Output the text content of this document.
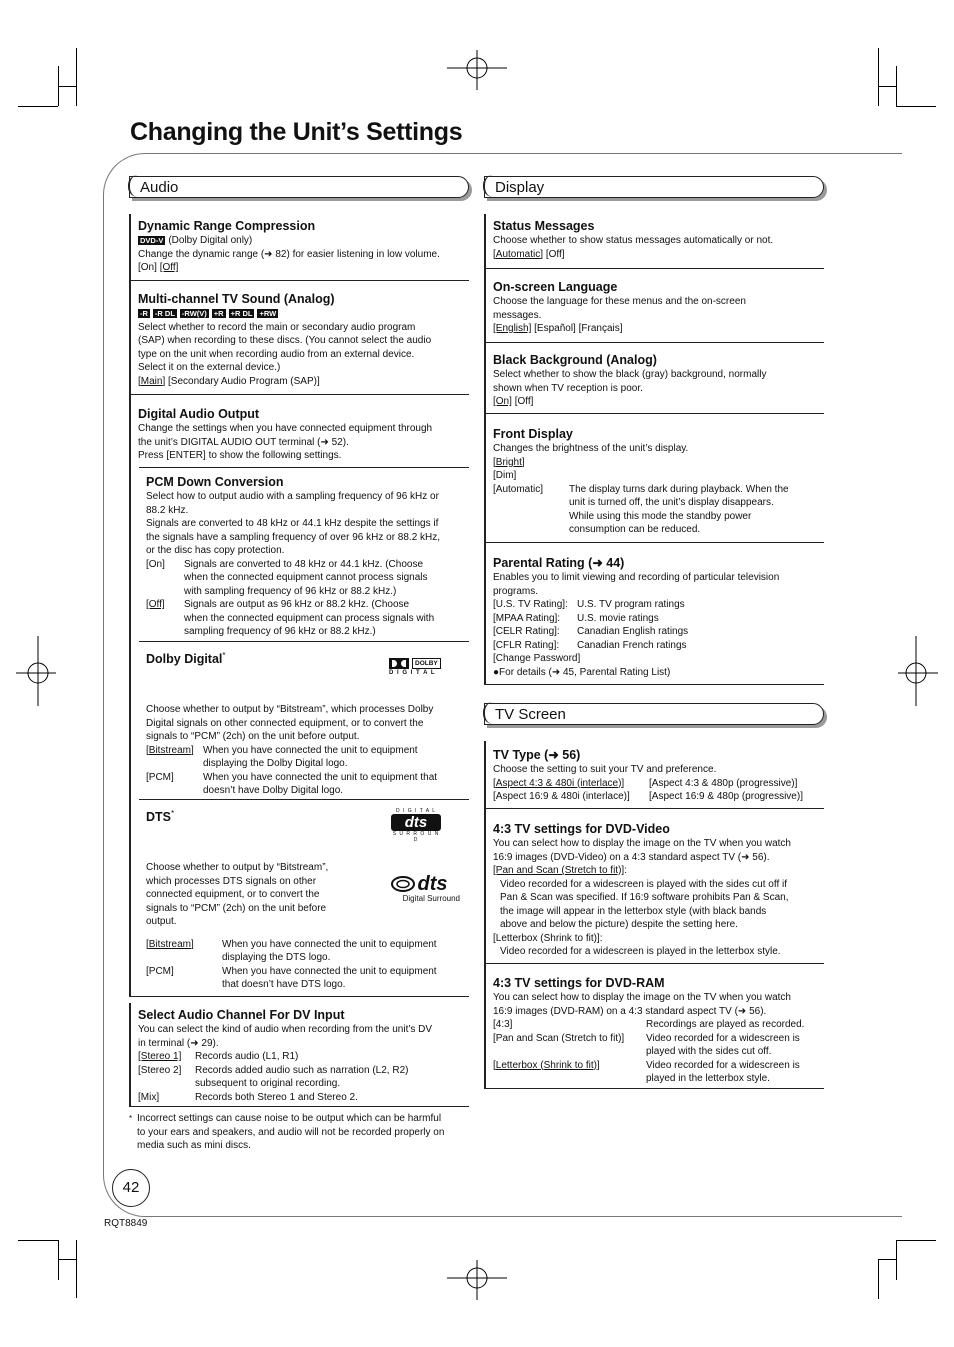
Changing the Unit’s Settings
Audio
Dynamic Range Compression

DVD-V (Dolby Digital only)

Change the dynamic range (➜ 82) for easier listening in low volume.

[On] [Off]

Multi-channel TV Sound (Analog)

-R -R DL -RW(V) +R +R DL +RW

Select whether to record the main or secondary audio program

(SAP) when recording to these discs. (You cannot select the audio

type on the unit when recording audio from an external device.

Select it on the external device.)

[Main] [Secondary Audio Program (SAP)]

Digital Audio Output

Change the settings when you have connected equipment through

the unit’s DIGITAL AUDIO OUT terminal (➜ 52).

Press [ENTER] to show the following settings.

PCM Down Conversion

Select how to output audio with a sampling frequency of 96 kHz or

88.2 kHz.

Signals are converted to 48 kHz or 44.1 kHz despite the settings if

the signals have a sampling frequency of over 96 kHz or 88.2 kHz,

or the disc has copy protection.

[On]	Signals are converted to 48 kHz or 44.1 kHz. (Choose
when the connected equipment cannot process signals
with sampling frequency of 96 kHz or 88.2 kHz.)
[Off]	Signals are output as 96 kHz or 88.2 kHz. (Choose
when the connected equipment can process signals with
sampling frequency of 96 kHz or 88.2 kHz.)
Dolby Digital*
DOLBY
D I G I T A L

Choose whether to output by “Bitstream”, which processes Dolby

Digital signals on other connected equipment, or to convert the

signals to “PCM” (2ch) on the unit before output.

[Bitstream] When you have connected the unit to equipment
displaying the Dolby Digital logo.
[PCM]	When you have connected the unit to equipment that
doesn’t have Dolby Digital logo.
DTS*	D I G I T A L
dts
S U R R O U N D
dts
Digital Surround

Choose whether to output by “Bitstream”,

which processes DTS signals on other

connected equipment, or to convert the

signals to “PCM” (2ch) on the unit before

output.

[Bitstream]	When you have connected the unit to equipment
displaying the DTS logo.
[PCM]	When you have connected the unit to equipment
that doesn’t have DTS logo.
Select Audio Channel For DV Input

You can select the kind of audio when recording from the unit’s DV

in terminal (➜ 29).

[Stereo 1]	Records audio (L1, R1)
[Stereo 2]	Records added audio such as narration (L2, R2)
subsequent to original recording.
[Mix]	Records both Stereo 1 and Stereo 2.
* Incorrect settings can cause noise to be output which can be harmful
to your ears and speakers, and audio will not be recorded properly on
media such as mini discs.
Display
Status Messages

Choose whether to show status messages automatically or not.

[Automatic] [Off]

On-screen Language

Choose the language for these menus and the on-screen

messages.

[English] [Español] [Français]

Black Background (Analog)

Select whether to show the black (gray) background, normally

shown when TV reception is poor.

[On] [Off]

Front Display

Changes the brightness of the unit’s display.

[Bright]

[Dim]

[Automatic]	The display turns dark during playback. When the
unit is turned off, the unit’s display disappears.
While using this mode the standby power
consumption can be reduced.
Parental Rating (➜ 44)

Enables you to limit viewing and recording of particular television

programs.

[U.S. TV Rating]: U.S. TV program ratings
[MPAA Rating]:	U.S. movie ratings
[CELR Rating]:	Canadian English ratings
[CFLR Rating]:	Canadian French ratings

[Change Password]

●For details (➜ 45, Parental Rating List)

TV Screen
TV Type (➜ 56)

Choose the setting to suit your TV and preference.

[Aspect 4:3 & 480i (interlace)]	[Aspect 4:3 & 480p (progressive)]
[Aspect 16:9 & 480i (interlace)]	[Aspect 16:9 & 480p (progressive)]
4:3 TV settings for DVD-Video

You can select how to display the image on the TV when you watch

16:9 images (DVD-Video) on a 4:3 standard aspect TV (➜ 56).

[Pan and Scan (Stretch to fit)]:

Video recorded for a widescreen is played with the sides cut off if

Pan & Scan was specified. If 16:9 software prohibits Pan & Scan,

the image will appear in the letterbox style (with black bands

above and below the picture) despite the setting here.

[Letterbox (Shrink to fit)]:

Video recorded for a widescreen is played in the letterbox style.

4:3 TV settings for DVD-RAM

You can select how to display the image on the TV when you watch

16:9 images (DVD-RAM) on a 4:3 standard aspect TV (➜ 56).

[4:3]	Recordings are played as recorded.
[Pan and Scan (Stretch to fit)]	Video recorded for a widescreen is
played with the sides cut off.
[Letterbox (Shrink to fit)]	Video recorded for a widescreen is
played in the letterbox style.
42
RQT8849
